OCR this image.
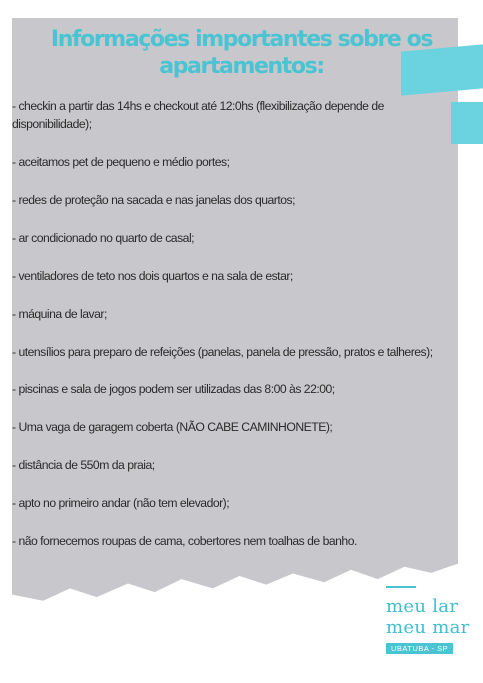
Informações importantes sobre os
apartamentos:
- checkin a partir das 14hs e checkout até 12:0hs (flexibilização depende de disponibilidade);
- aceitamos pet de pequeno e médio portes;
- redes de proteção na sacada e nas janelas dos quartos;
- ar condicionado no quarto de casal;
- ventiladores de teto nos dois quartos e na sala de estar;
- máquina de lavar;
- utensílios para preparo de refeições (panelas, panela de pressão, pratos e talheres);
- piscinas e sala de jogos podem ser utilizadas das 8:00 às 22:00;
- Uma vaga de garagem coberta (NÃO CABE CAMINHONETE);
- distância de 550m da praia;
- apto no primeiro andar (não tem elevador);
- não fornecemos roupas de cama, cobertores nem toalhas de banho.
meu lar
meu mar
UBATUBA - SP
